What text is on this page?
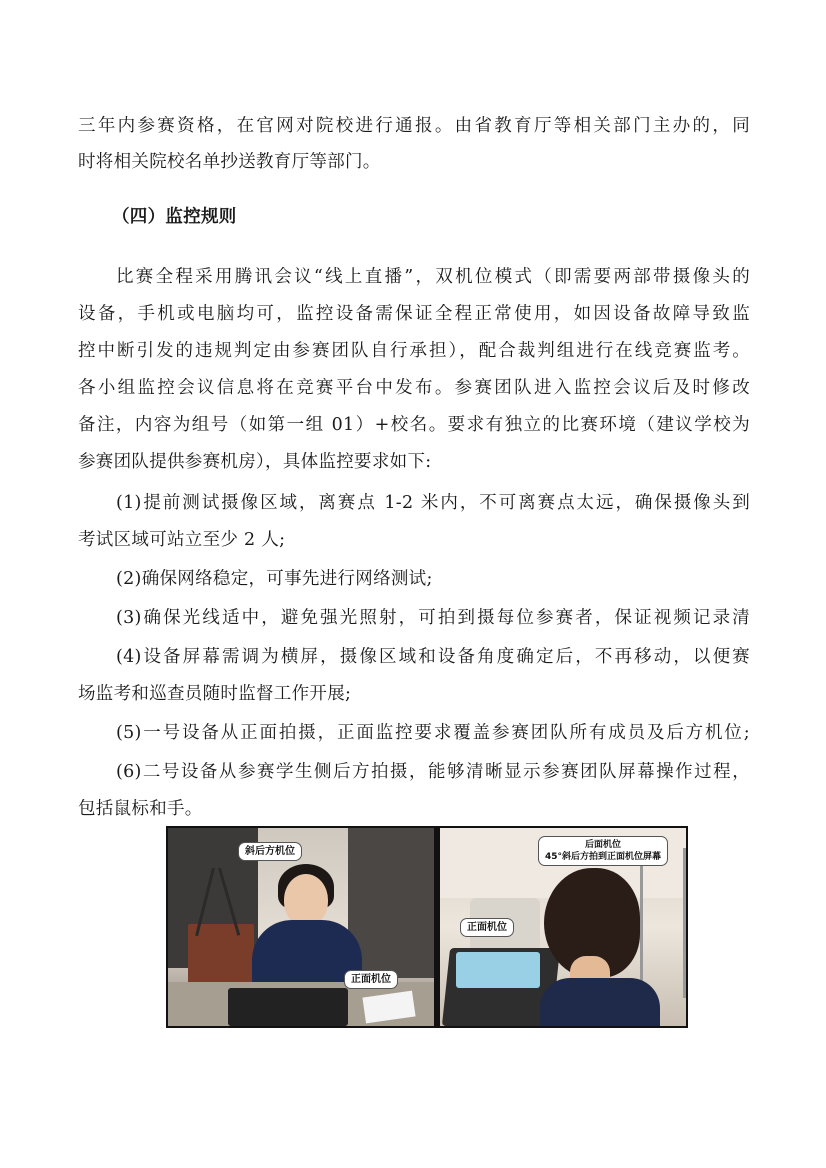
三年内参赛资格，在官网对院校进行通报。由省教育厅等相关部门主办的，同
时将相关院校名单抄送教育厅等部门。
（四）监控规则
比赛全程采用腾讯会议“线上直播”，双机位模式（即需要两部带摄像头的
设备，手机或电脑均可，监控设备需保证全程正常使用，如因设备故障导致监
控中断引发的违规判定由参赛团队自行承担），配合裁判组进行在线竞赛监考。
各小组监控会议信息将在竞赛平台中发布。参赛团队进入监控会议后及时修改
备注，内容为组号（如第一组 01）+校名。要求有独立的比赛环境（建议学校为
参赛团队提供参赛机房），具体监控要求如下:
(1)提前测试摄像区域，离赛点 1-2 米内，不可离赛点太远，确保摄像头到
考试区域可站立至少 2 人;
(2)确保网络稳定，可事先进行网络测试;
(3)确保光线适中，避免强光照射，可拍到摄每位参赛者，保证视频记录清
(4)设备屏幕需调为横屏，摄像区域和设备角度确定后，不再移动，以便赛
场监考和巡查员随时监督工作开展;
(5)一号设备从正面拍摄，正面监控要求覆盖参赛团队所有成员及后方机位;
(6)二号设备从参赛学生侧后方拍摄，能够清晰显示参赛团队屏幕操作过程，
包括鼠标和手。
斜后方机位
正面机位
后面机位
45°斜后方拍到正面机位屏幕
正面机位
